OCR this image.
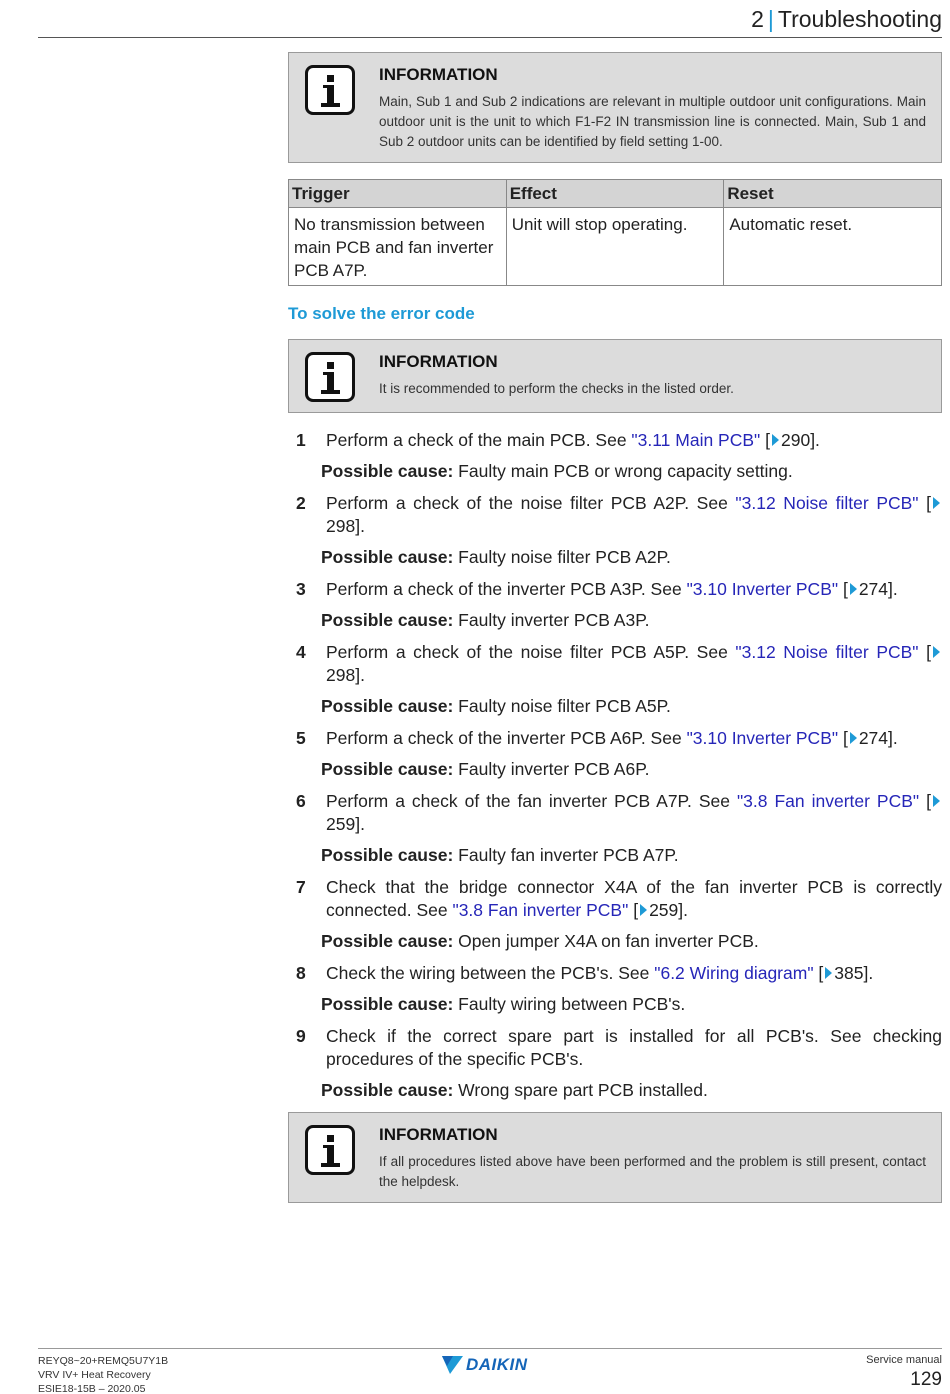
2 | Troubleshooting
INFORMATION
Main, Sub 1 and Sub 2 indications are relevant in multiple outdoor unit configurations. Main outdoor unit is the unit to which F1-F2 IN transmission line is connected. Main, Sub 1 and Sub 2 outdoor units can be identified by field setting 1-00.
Trigger	Effect	Reset
No transmission between main PCB and fan inverter PCB A7P.	Unit will stop operating.	Automatic reset.
To solve the error code
INFORMATION
It is recommended to perform the checks in the listed order.
1 Perform a check of the main PCB. See "3.11 Main PCB" [ 290].
Possible cause: Faulty main PCB or wrong capacity setting.
2 Perform a check of the noise filter PCB A2P. See "3.12 Noise filter PCB" [298].
Possible cause: Faulty noise filter PCB A2P.
3 Perform a check of the inverter PCB A3P. See "3.10 Inverter PCB" [ 274].
Possible cause: Faulty inverter PCB A3P.
4 Perform a check of the noise filter PCB A5P. See "3.12 Noise filter PCB" [298].
Possible cause: Faulty noise filter PCB A5P.
5 Perform a check of the inverter PCB A6P. See "3.10 Inverter PCB" [ 274].
Possible cause: Faulty inverter PCB A6P.
6 Perform a check of the fan inverter PCB A7P. See "3.8 Fan inverter PCB" [259].
Possible cause: Faulty fan inverter PCB A7P.
7 Check that the bridge connector X4A of the fan inverter PCB is correctly connected. See "3.8 Fan inverter PCB" [ 259].
Possible cause: Open jumper X4A on fan inverter PCB.
8 Check the wiring between the PCB's. See "6.2 Wiring diagram" [ 385].
Possible cause: Faulty wiring between PCB's.
9 Check if the correct spare part is installed for all PCB's. See checking procedures of the specific PCB's.
Possible cause: Wrong spare part PCB installed.
INFORMATION
If all procedures listed above have been performed and the problem is still present, contact the helpdesk.
REYQ8~20+REMQ5U7Y1B
VRV IV+ Heat Recovery
ESIE18-15B – 2020.05
DAIKIN	Service manual
129
